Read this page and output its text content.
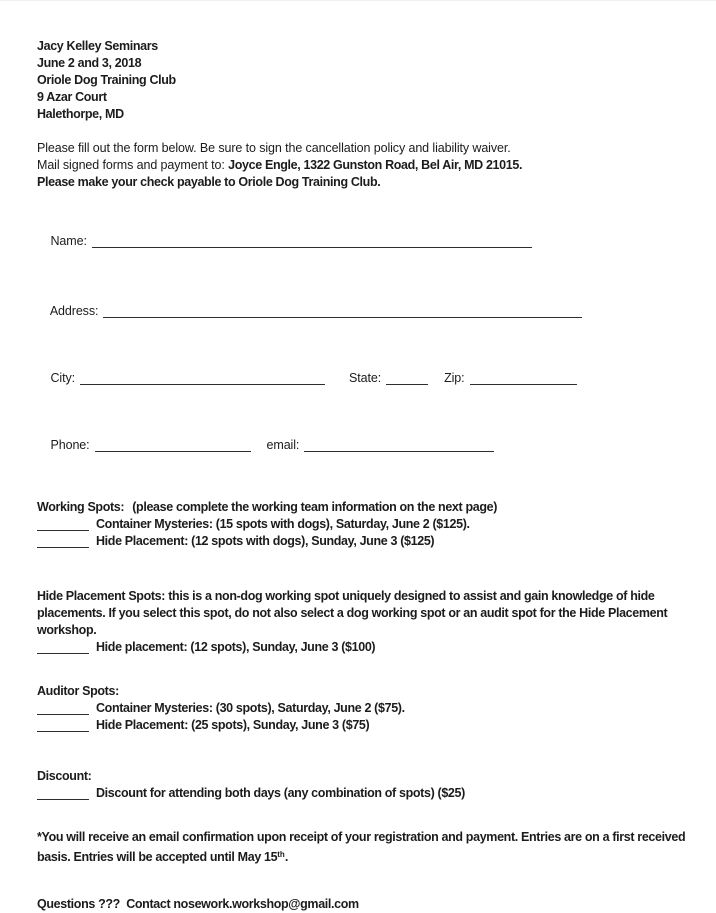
Jacy Kelley Seminars

June 2 and 3, 2018

Oriole Dog Training Club

9 Azar Court

Halethorpe, MD

Please fill out the form below. Be sure to sign the cancellation policy and liability waiver.

Mail signed forms and payment to: Joyce Engle, 1322 Gunston Road, Bel Air, MD 21015.

Please make your check payable to Oriole Dog Training Club.

Name:

Address:

City:	State:	Zip:

Phone:	email:

Working Spots: (please complete the working team information on the next page)

Container Mysteries: (15 spots with dogs), Saturday, June 2 ($125).
Hide Placement: (12 spots with dogs), Sunday, June 3 ($125)

Hide Placement Spots: this is a non-dog working spot uniquely designed to assist and gain knowledge of hide

placements. If you select this spot, do not also select a dog working spot or an audit spot for the Hide Placement

workshop.

Hide placement: (12 spots), Sunday, June 3 ($100)

Auditor Spots:

Container Mysteries: (30 spots), Saturday, June 2 ($75).
Hide Placement: (25 spots), Sunday, June 3 ($75)

Discount:

Discount for attending both days (any combination of spots) ($25)

*You will receive an email confirmation upon receipt of your registration and payment. Entries are on a first received

basis. Entries will be accepted until May 15th.

Questions ???  Contact nosework.workshop@gmail.com
